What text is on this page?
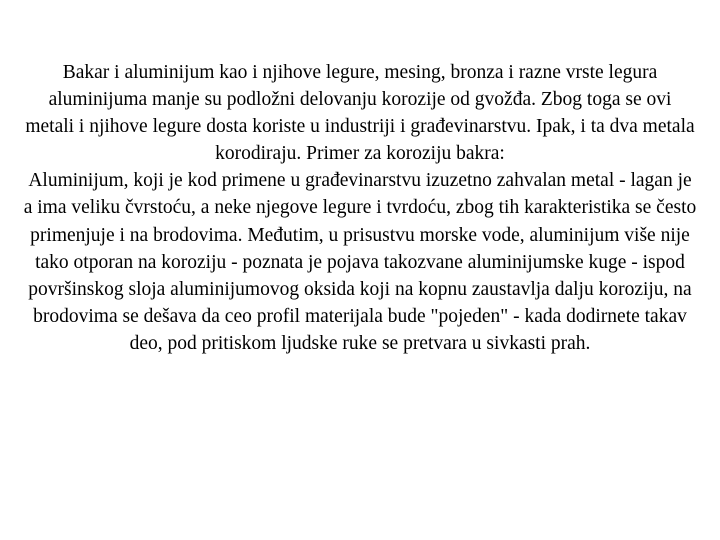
Bakar i aluminijum kao i njihove legure, mesing, bronza i razne vrste legura aluminijuma manje su podložni delovanju korozije od gvožđa. Zbog toga se ovi metali i njihove legure dosta koriste u industriji i građevinarstvu. Ipak, i ta dva metala korodiraju. Primer za koroziju bakra:

Aluminijum, koji je kod primene u građevinarstvu izuzetno zahvalan metal - lagan je a ima veliku čvrstoću, a neke njegove legure i tvrdoću, zbog tih karakteristika se često primenjuje i na brodovima. Međutim, u prisustvu morske vode, aluminijum više nije tako otporan na koroziju - poznata je pojava takozvane aluminijumske kuge - ispod površinskog sloja aluminijumovog oksida koji na kopnu zaustavlja dalju koroziju, na brodovima se dešava da ceo profil materijala bude "pojeden" - kada dodirnete takav deo, pod pritiskom ljudske ruke se pretvara u sivkasti prah.
